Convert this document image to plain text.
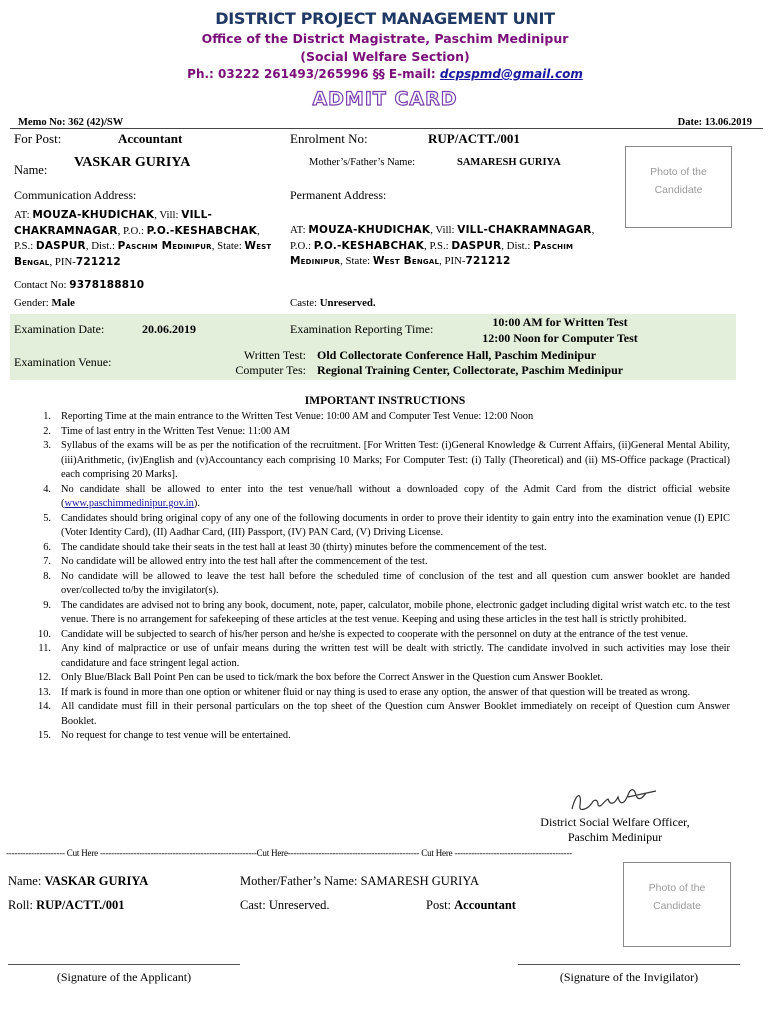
DISTRICT PROJECT MANAGEMENT UNIT
Office of the District Magistrate, Paschim Medinipur
(Social Welfare Section)
Ph.: 03222 261493/265996 §§ E-mail: dcpspmd@gmail.com
ADMIT CARD
Memo No: 362 (42)/SW	Date: 13.06.2019
For Post:	Accountant	Enrolment No:	RUP/ACTT./001
Name: VASKAR GURIYA	Mother’s/Father’s Name:	SAMARESH GURIYA
Photo of the Candidate
Communication Address:	Permanent Address:
AT: MOUZA-KHUDICHAK, Vill: VILL-CHAKRAMNAGAR, P.O.: P.O.-KESHABCHAK, P.S.: DASPUR, Dist.: Paschim Medinipur, State: West Bengal, PIN-721212
Contact No: 9378188810
AT: MOUZA-KHUDICHAK, Vill: VILL-CHAKRAMNAGAR, P.O.: P.O.-KESHABCHAK, P.S.: DASPUR, Dist.: Paschim Medinipur, State: West Bengal, PIN-721212
Gender: Male	Caste: Unreserved.
Examination Date:	20.06.2019	Examination Reporting Time:	10:00 AM for Written Test
12:00 Noon for Computer Test
Examination Venue:	Written Test: Old Collectorate Conference Hall, Paschim Medinipur
Computer Tes: Regional Training Center, Collectorate, Paschim Medinipur
IMPORTANT INSTRUCTIONS
1. Reporting Time at the main entrance to the Written Test Venue: 10:00 AM and Computer Test Venue: 12:00 Noon
2. Time of last entry in the Written Test Venue: 11:00 AM
3. Syllabus of the exams will be as per the notification of the recruitment. [For Written Test: (i)General Knowledge & Current Affairs, (ii)General Mental Ability, (iii)Arithmetic, (iv)English and (v)Accountancy each comprising 10 Marks; For Computer Test: (i) Tally (Theoretical) and (ii) MS-Office package (Practical) each comprising 20 Marks].
4. No candidate shall be allowed to enter into the test venue/hall without a downloaded copy of the Admit Card from the district official website (www.paschimmedinipur.gov.in).
5. Candidates should bring original copy of any one of the following documents in order to prove their identity to gain entry into the examination venue (I) EPIC (Voter Identity Card), (II) Aadhar Card, (III) Passport, (IV) PAN Card, (V) Driving License.
6. The candidate should take their seats in the test hall at least 30 (thirty) minutes before the commencement of the test.
7. No candidate will be allowed entry into the test hall after the commencement of the test.
8. No candidate will be allowed to leave the test hall before the scheduled time of conclusion of the test and all question cum answer booklet are handed over/collected to/by the invigilator(s).
9. The candidates are advised not to bring any book, document, note, paper, calculator, mobile phone, electronic gadget including digital wrist watch etc. to the test venue. There is no arrangement for safekeeping of these articles at the test venue. Keeping and using these articles in the test hall is strictly prohibited.
10. Candidate will be subjected to search of his/her person and he/she is expected to cooperate with the personnel on duty at the entrance of the test venue.
11. Any kind of malpractice or use of unfair means during the written test will be dealt with strictly. The candidate involved in such activities may lose their candidature and face stringent legal action.
12. Only Blue/Black Ball Point Pen can be used to tick/mark the box before the Correct Answer in the Question cum Answer Booklet.
13. If mark is found in more than one option or whitener fluid or nay thing is used to erase any option, the answer of that question will be treated as wrong.
14. All candidate must fill in their personal particulars on the top sheet of the Question cum Answer Booklet immediately on receipt of Question cum Answer Booklet.
15. No request for change to test venue will be entertained.
District Social Welfare Officer,
Paschim Medinipur
--------------------- Cut Here --------------------------------------------------------Cut Here----------------------------------------------- Cut Here ------------------------------------------
Name: VASKAR GURIYA	Mother/Father’s Name: SAMARESH GURIYA
Roll: RUP/ACTT./001	Cast: Unreserved.	Post: Accountant
Photo of the Candidate
(Signature of the Applicant)	(Signature of the Invigilator)
